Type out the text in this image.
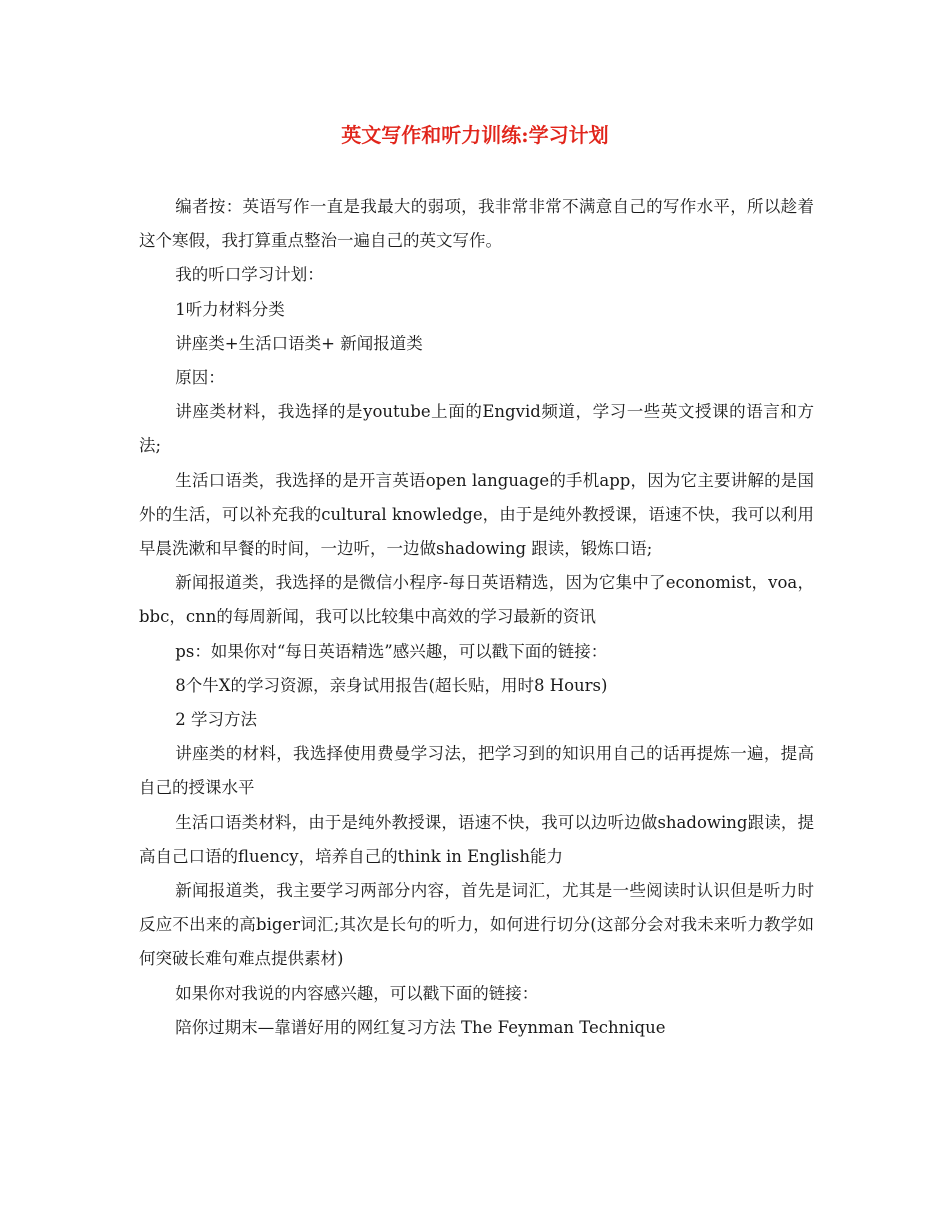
英文写作和听力训练:学习计划

编者按：英语写作一直是我最大的弱项，我非常非常不满意自己的写作水平，所以趁着这个寒假，我打算重点整治一遍自己的英文写作。

我的听口学习计划：

1听力材料分类

讲座类+生活口语类+ 新闻报道类

原因：

讲座类材料，我选择的是youtube上面的Engvid频道，学习一些英文授课的语言和方法;

生活口语类，我选择的是开言英语open language的手机app，因为它主要讲解的是国外的生活，可以补充我的cultural knowledge，由于是纯外教授课，语速不快，我可以利用早晨洗漱和早餐的时间，一边听，一边做shadowing 跟读，锻炼口语;

新闻报道类，我选择的是微信小程序-每日英语精选，因为它集中了economist，voa，bbc，cnn的每周新闻，我可以比较集中高效的学习最新的资讯

ps：如果你对“每日英语精选”感兴趣，可以戳下面的链接：

8个牛X的学习资源，亲身试用报告(超长贴，用时8 Hours)

2 学习方法

讲座类的材料，我选择使用费曼学习法，把学习到的知识用自己的话再提炼一遍，提高自己的授课水平

生活口语类材料，由于是纯外教授课，语速不快，我可以边听边做shadowing跟读，提高自己口语的fluency，培养自己的think in English能力

新闻报道类，我主要学习两部分内容，首先是词汇，尤其是一些阅读时认识但是听力时反应不出来的高biger词汇;其次是长句的听力，如何进行切分(这部分会对我未来听力教学如何突破长难句难点提供素材)

如果你对我说的内容感兴趣，可以戳下面的链接：

陪你过期末—靠谱好用的网红复习方法 The Feynman Technique
